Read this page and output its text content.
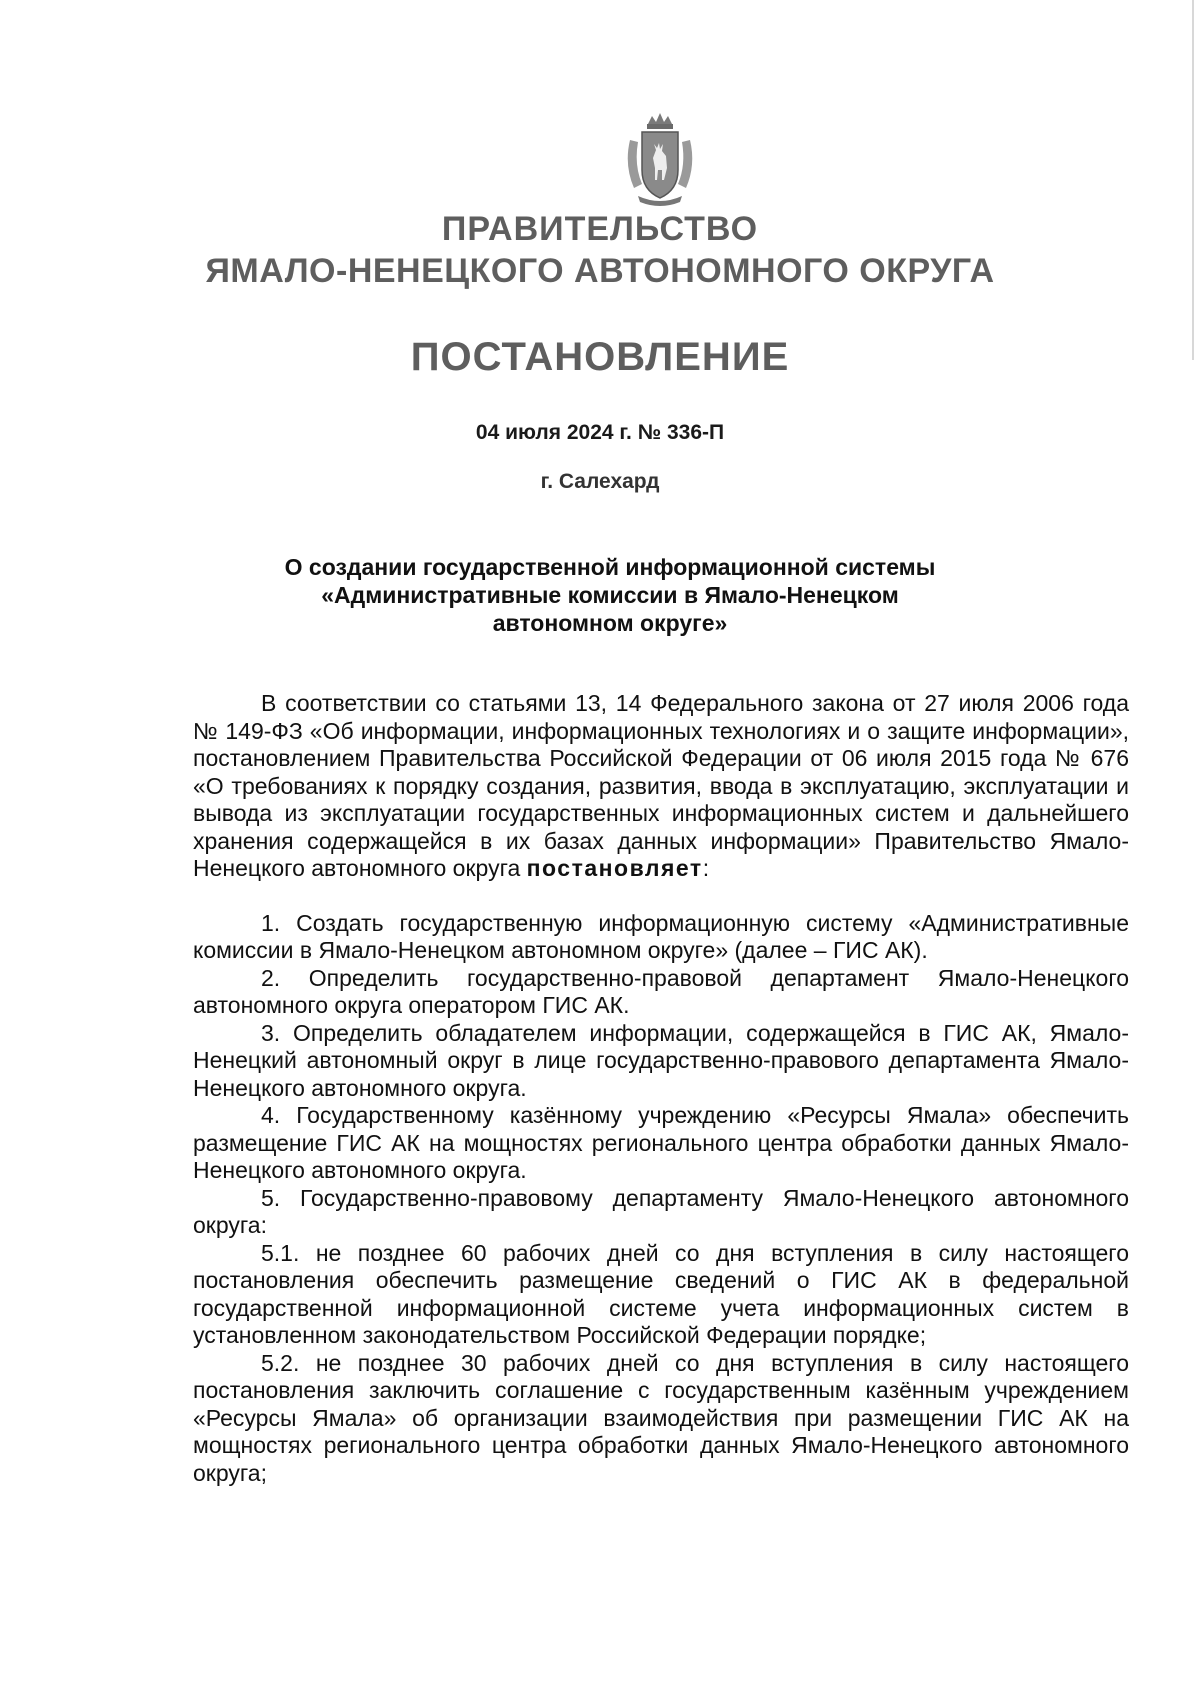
ПРАВИТЕЛЬСТВО
ЯМАЛО-НЕНЕЦКОГО АВТОНОМНОГО ОКРУГА
ПОСТАНОВЛЕНИЕ
04 июля 2024 г. № 336-П
г. Салехард
О создании государственной информационной системы
«Административные комиссии в Ямало-Ненецком
автономном округе»

В соответствии со статьями 13, 14 Федерального закона от 27 июля 2006 года № 149-ФЗ «Об информации, информационных технологиях и о защите информации», постановлением Правительства Российской Федерации от 06 июля 2015 года № 676 «О требованиях к порядку создания, развития, ввода в эксплуатацию, эксплуатации и вывода из эксплуатации государственных информационных систем и дальнейшего хранения содержащейся в их базах данных информации» Правительство Ямало-Ненецкого автономного округа постановляет:

1. Создать государственную информационную систему «Административные комиссии в Ямало-Ненецком автономном округе» (далее – ГИС АК).

2. Определить государственно-правовой департамент Ямало-Ненецкого автономного округа оператором ГИС АК.

3. Определить обладателем информации, содержащейся в ГИС АК, Ямало-Ненецкий автономный округ в лице государственно-правового департамента Ямало-Ненецкого автономного округа.

4. Государственному казённому учреждению «Ресурсы Ямала» обеспечить размещение ГИС АК на мощностях регионального центра обработки данных Ямало-Ненецкого автономного округа.

5. Государственно-правовому департаменту Ямало-Ненецкого автономного округа:

5.1. не позднее 60 рабочих дней со дня вступления в силу настоящего постановления обеспечить размещение сведений о ГИС АК в федеральной государственной информационной системе учета информационных систем в установленном законодательством Российской Федерации порядке;

5.2. не позднее 30 рабочих дней со дня вступления в силу настоящего постановления заключить соглашение с государственным казённым учреждением «Ресурсы Ямала» об организации взаимодействия при размещении ГИС АК на мощностях регионального центра обработки данных Ямало-Ненецкого автономного округа;
